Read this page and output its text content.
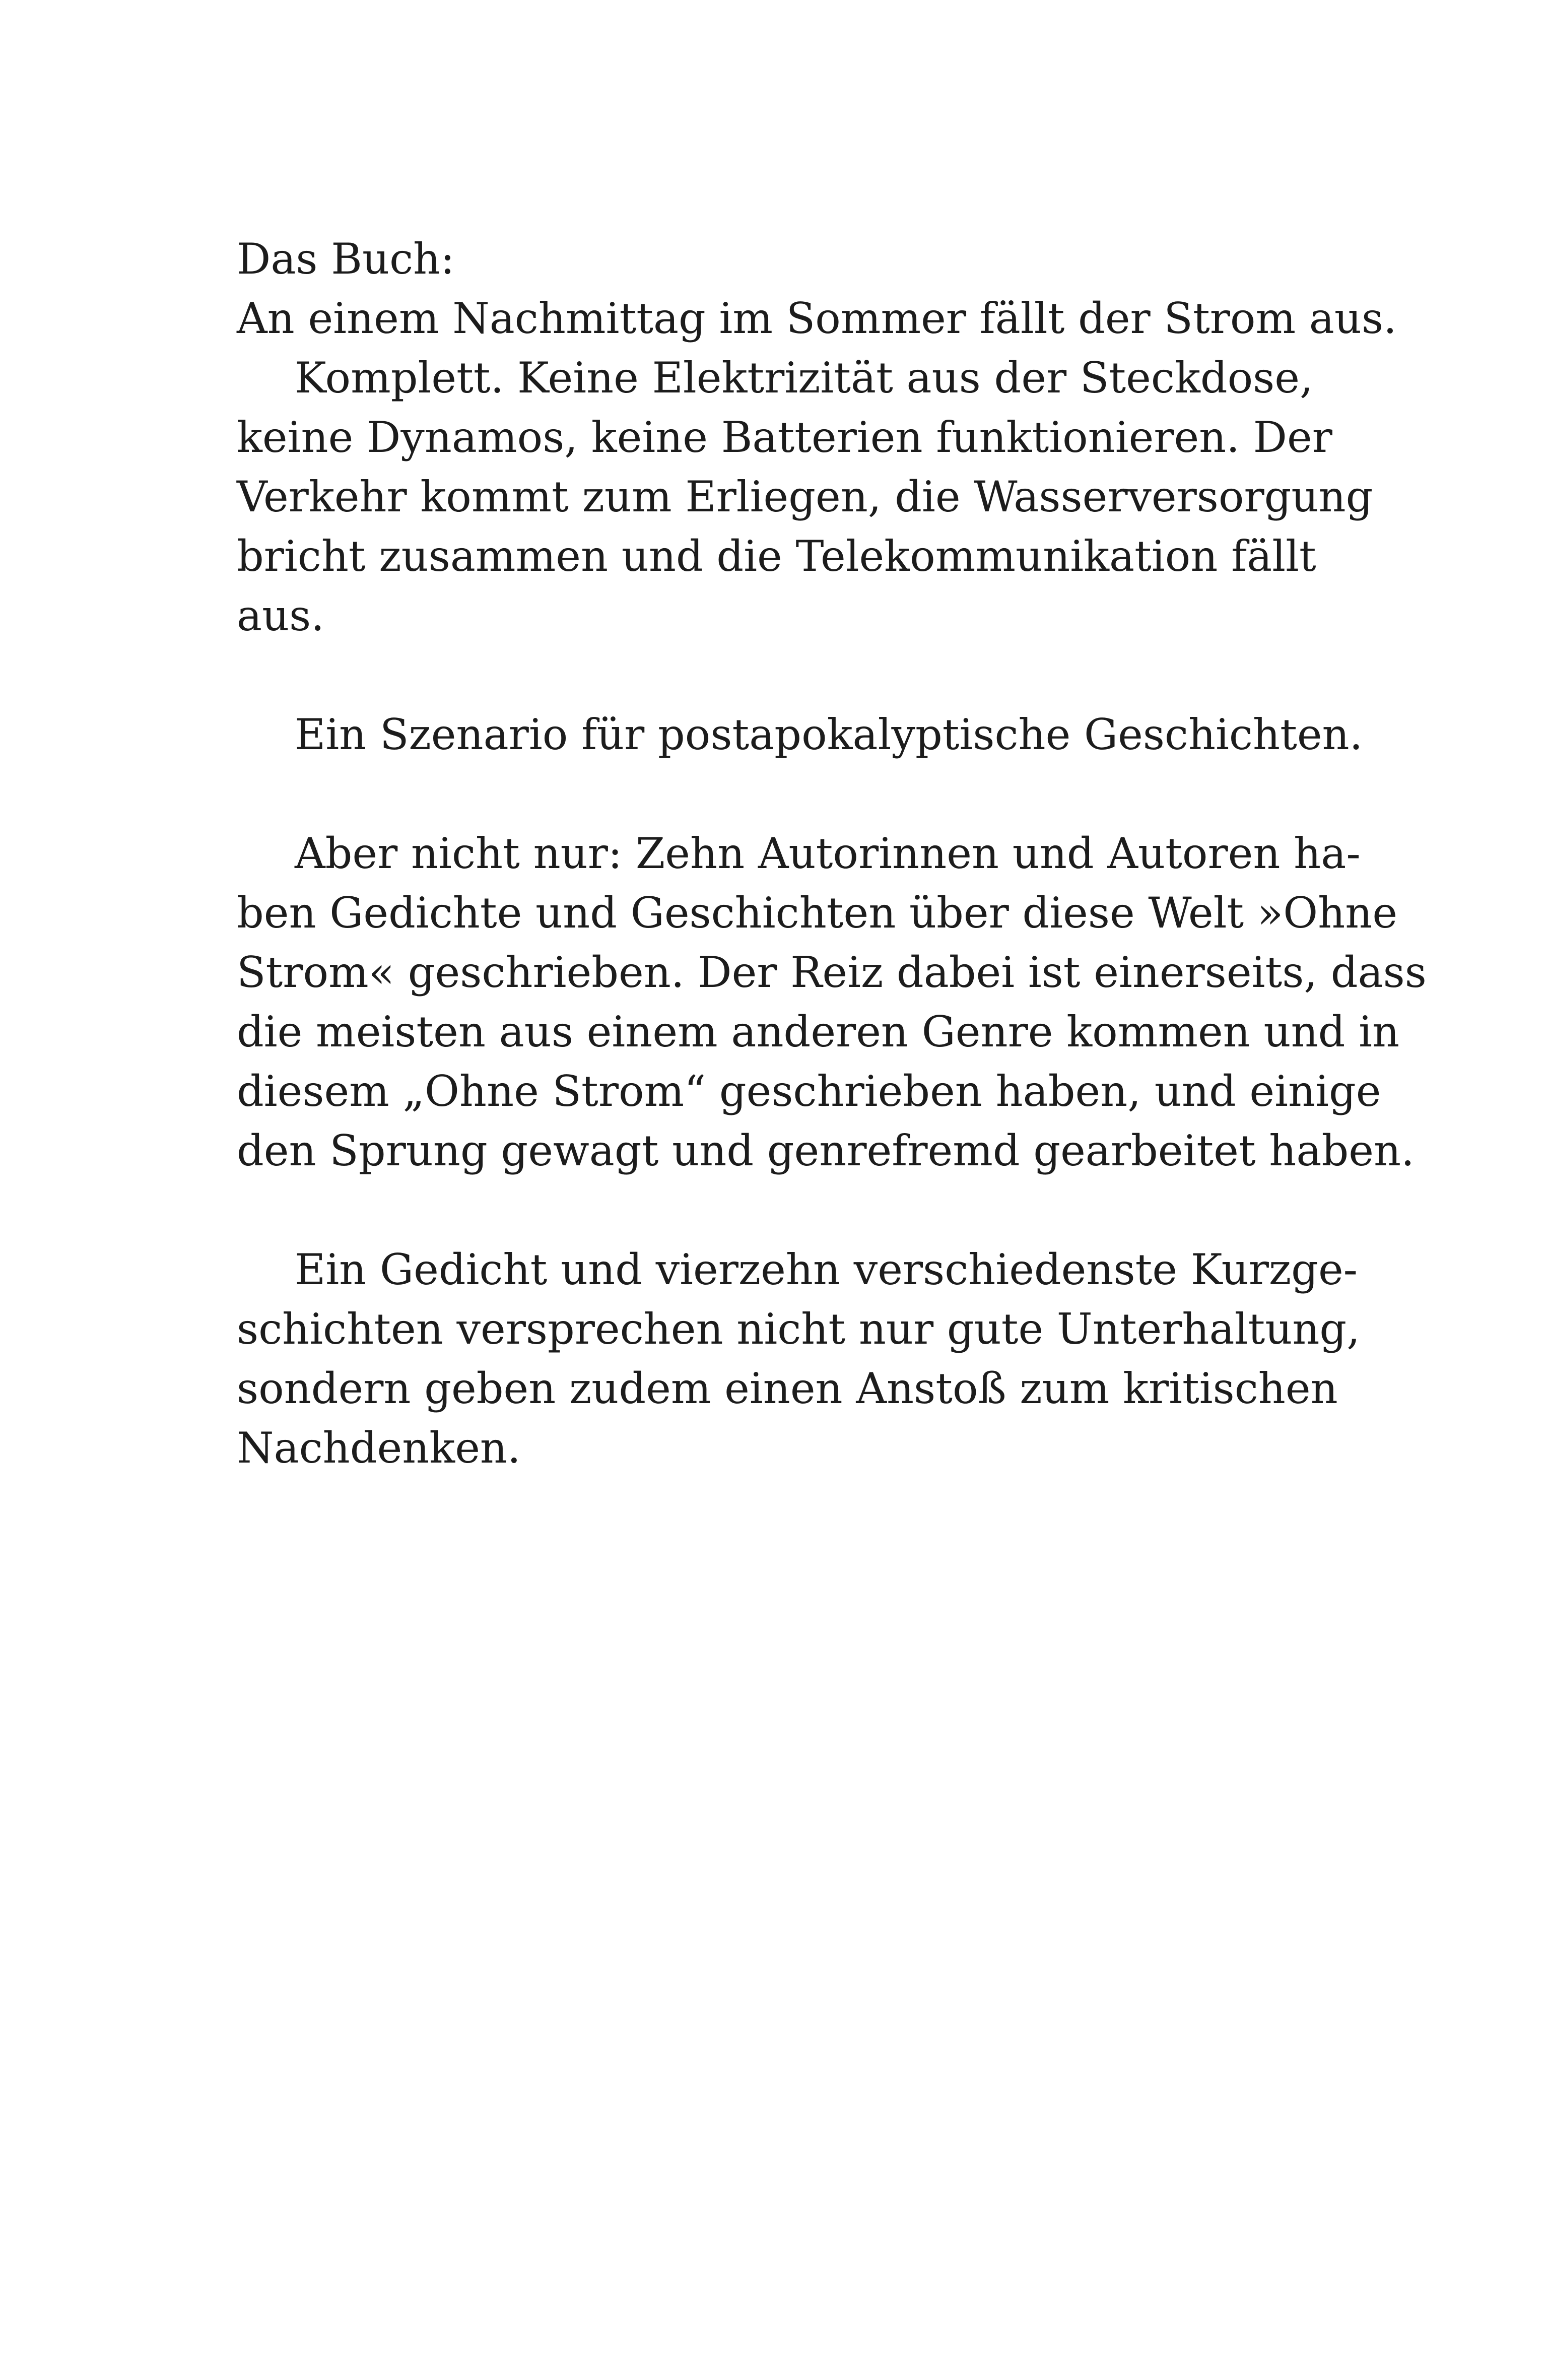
Das Buch:
An einem Nachmittag im Sommer fällt der Strom aus.
Komplett. Keine Elektrizität aus der Steckdose,
keine Dynamos, keine Batterien funktionieren. Der
Verkehr kommt zum Erliegen, die Wasserversorgung
bricht zusammen und die Telekommunikation fällt
aus.
Ein Szenario für postapokalyptische Geschichten.
Aber nicht nur: Zehn Autorinnen und Autoren ha-
ben Gedichte und Geschichten über diese Welt »Ohne
Strom« geschrieben. Der Reiz dabei ist einerseits, dass
die meisten aus einem anderen Genre kommen und in
diesem „Ohne Strom“ geschrieben haben, und einige
den Sprung gewagt und genrefremd gearbeitet haben.
Ein Gedicht und vierzehn verschiedenste Kurzge-
schichten versprechen nicht nur gute Unterhaltung,
sondern geben zudem einen Anstoß zum kritischen
Nachdenken.
